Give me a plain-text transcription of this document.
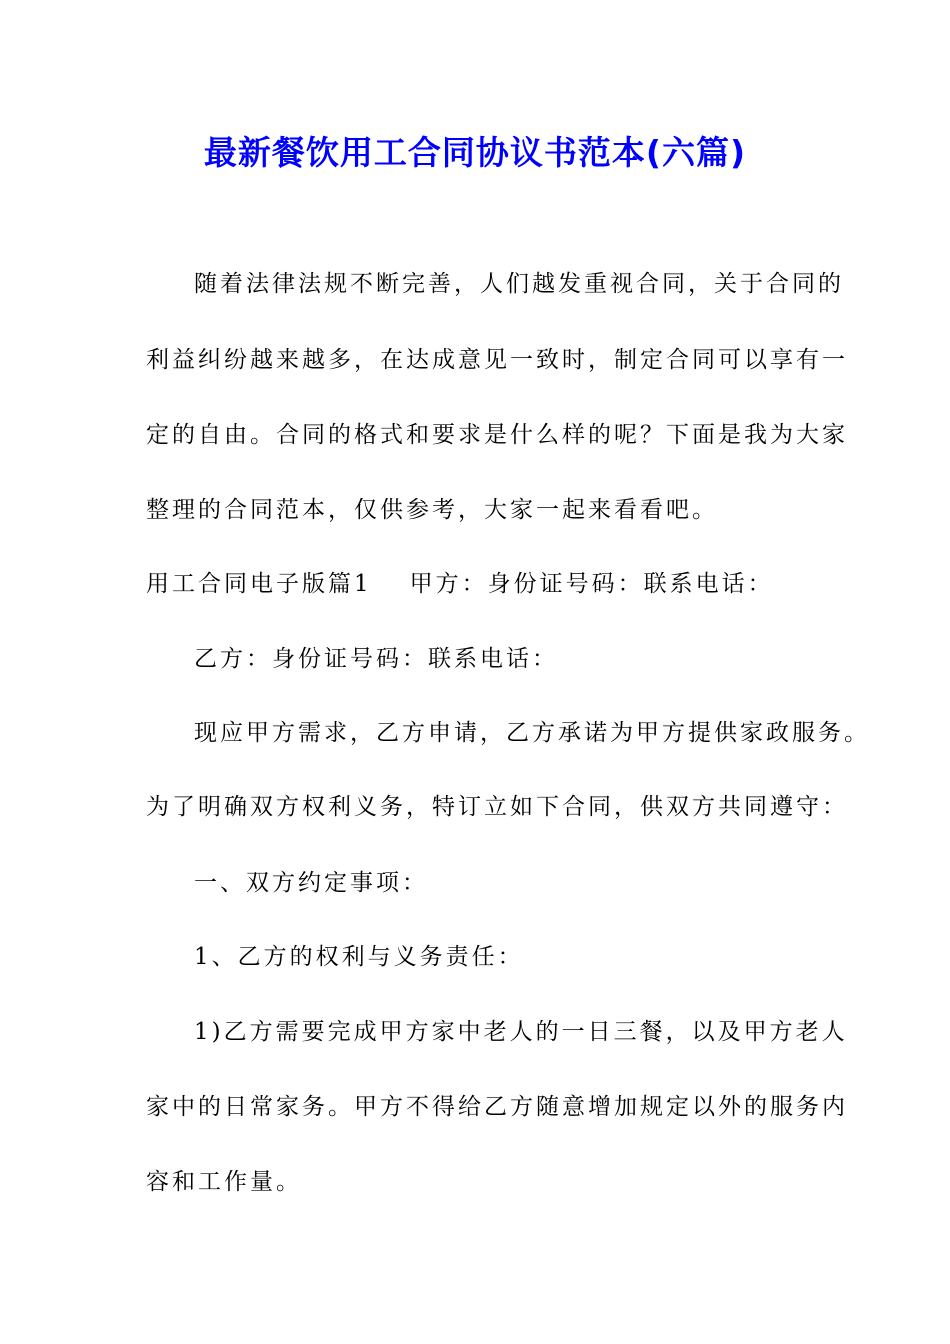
最新餐饮用工合同协议书范本(六篇)
随着法律法规不断完善，人们越发重视合同，关于合同的
利益纠纷越来越多，在达成意见一致时，制定合同可以享有一
定的自由。合同的格式和要求是什么样的呢？下面是我为大家
整理的合同范本，仅供参考，大家一起来看看吧。
用工合同电子版篇1 甲方：身份证号码：联系电话：
乙方：身份证号码：联系电话：
现应甲方需求，乙方申请，乙方承诺为甲方提供家政服务。
为了明确双方权利义务，特订立如下合同，供双方共同遵守：
一、双方约定事项：
1、乙方的权利与义务责任：
1)乙方需要完成甲方家中老人的一日三餐，以及甲方老人
家中的日常家务。甲方不得给乙方随意增加规定以外的服务内
容和工作量。
